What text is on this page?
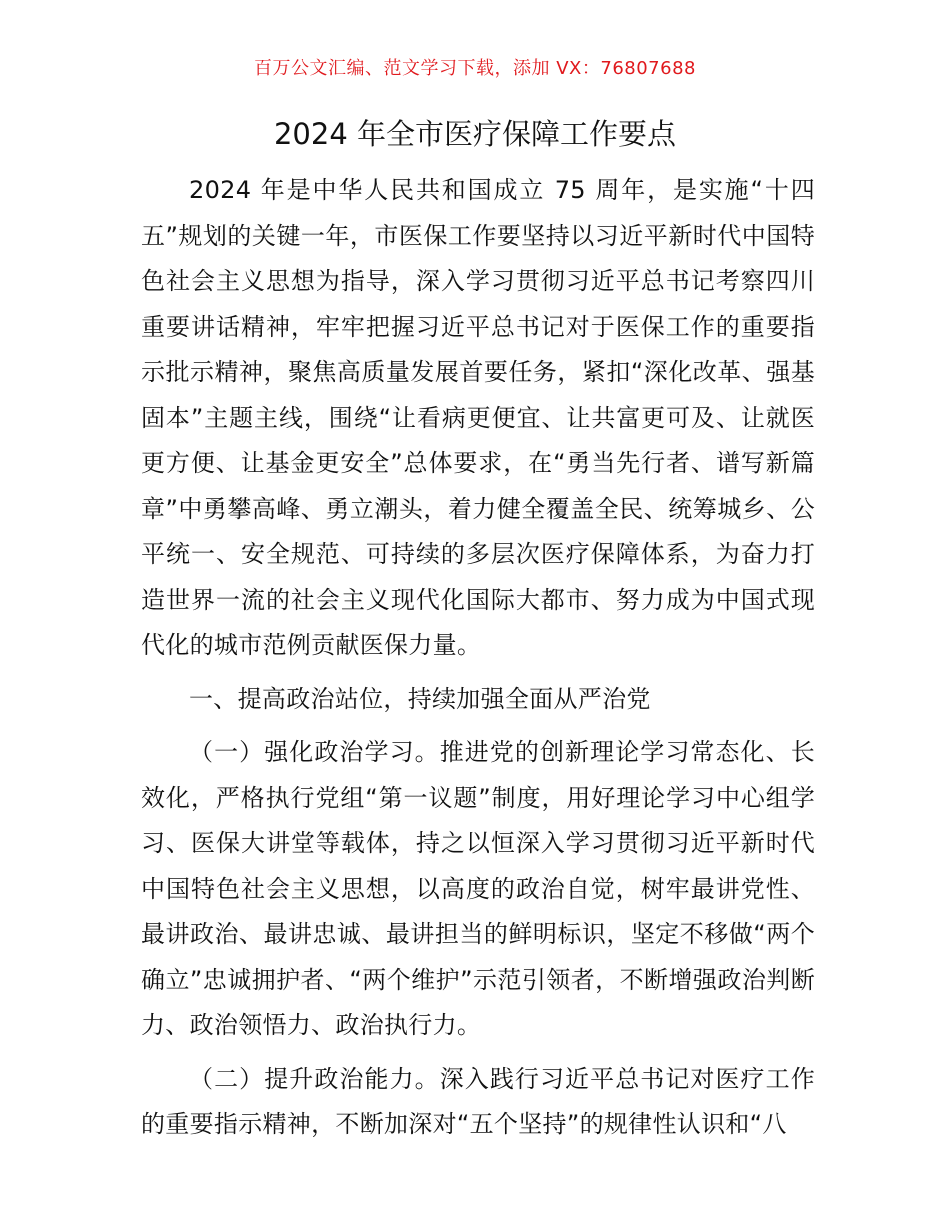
百万公文汇编、范文学习下载，添加 VX：76807688
2024 年全市医疗保障工作要点

2024 年是中华人民共和国成立 75 周年，是实施“十四五”规划的关键一年，市医保工作要坚持以习近平新时代中国特色社会主义思想为指导，深入学习贯彻习近平总书记考察四川重要讲话精神，牢牢把握习近平总书记对于医保工作的重要指示批示精神，聚焦高质量发展首要任务，紧扣“深化改革、强基固本”主题主线，围绕“让看病更便宜、让共富更可及、让就医更方便、让基金更安全”总体要求，在“勇当先行者、谱写新篇章”中勇攀高峰、勇立潮头，着力健全覆盖全民、统筹城乡、公平统一、安全规范、可持续的多层次医疗保障体系，为奋力打造世界一流的社会主义现代化国际大都市、努力成为中国式现代化的城市范例贡献医保力量。

一、提高政治站位，持续加强全面从严治党

（一）强化政治学习。推进党的创新理论学习常态化、长效化，严格执行党组“第一议题”制度，用好理论学习中心组学习、医保大讲堂等载体，持之以恒深入学习贯彻习近平新时代中国特色社会主义思想，以高度的政治自觉，树牢最讲党性、最讲政治、最讲忠诚、最讲担当的鲜明标识，坚定不移做“两个确立”忠诚拥护者、“两个维护”示范引领者，不断增强政治判断力、政治领悟力、政治执行力。

（二）提升政治能力。深入践行习近平总书记对医疗工作的重要指示精神，不断加深对“五个坚持”的规律性认识和“八
